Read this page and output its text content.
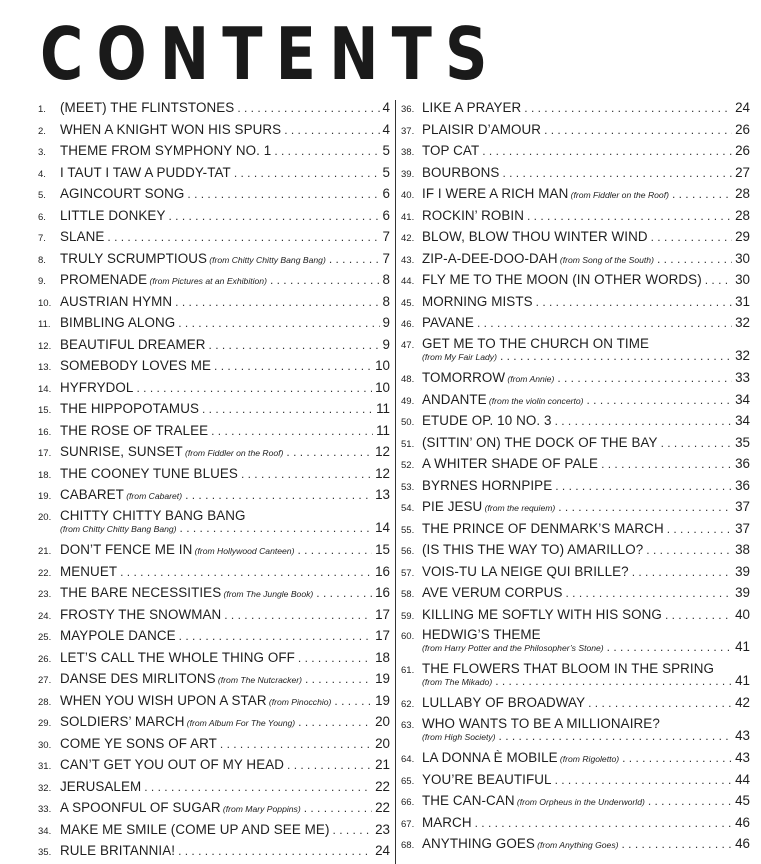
CONTENTS
1.	(MEET) THE FLINTSTONES . . .	4
2.	WHEN A KNIGHT WON HIS SPURS . . .	4
3.	THEME FROM SYMPHONY NO. 1 . . .	5
4.	I TAUT I TAW A PUDDY-TAT . . .	5
5.	AGINCOURT SONG . . .	6
6.	LITTLE DONKEY . . .	6
7.	SLANE . . .	7
8.	TRULY SCRUMPTIOUS
(from Chitty Chitty Bang Bang) . . .	7
9.	PROMENADE
(from Pictures at an Exhibition) . . .	8
10. AUSTRIAN HYMN . . .	8
11. BIMBLING ALONG . . .	9
12. BEAUTIFUL DREAMER . . .	9
13. SOMEBODY LOVES ME . . .	10
14. HYFRYDOL . . .	10
15. THE HIPPOPOTAMUS . . .	11
16. THE ROSE OF TRALEE . . .	11
17. SUNRISE, SUNSET
(from Fiddler on the Roof) . . .	12
18. THE COONEY TUNE BLUES . . .	12
19. CABARET
(from Cabaret) . . .	13
20. CHITTY CHITTY BANG BANG
(from Chitty Chitty Bang Bang) . . .	14
21. DON’T FENCE ME IN
(from Hollywood Canteen) . . .	15
22. MENUET . . .	16
23. THE BARE NECESSITIES
(from The Jungle Book) . . .	16
24. FROSTY THE SNOWMAN . . .	17
25. MAYPOLE DANCE . . .	17
26. LET’S CALL THE WHOLE THING OFF . . .	18
27. DANSE DES MIRLITONS
(from The Nutcracker) . . .	19
28. WHEN YOU WISH UPON A STAR
(from Pinocchio) . . .	19
29. SOLDIERS’ MARCH
(from Album For The Young) . . .	20
30. COME YE SONS OF ART . . .	20
31. CAN’T GET YOU OUT OF MY HEAD . . .	21
32. JERUSALEM . . .	22
33. A SPOONFUL OF SUGAR
(from Mary Poppins) . . .	22
34. MAKE ME SMILE (COME UP AND SEE ME) . . .	23
35. RULE BRITANNIA! . . .	24
36. LIKE A PRAYER . . .	24
37. PLAISIR D’AMOUR . . .	26
38. TOP CAT . . .	26
39. BOURBONS . . .	27
40. IF I WERE A RICH MAN
(from Fiddler on the Roof) . . .	28
41. ROCKIN’ ROBIN . . .	28
42. BLOW, BLOW THOU WINTER WIND . . .	29
43. ZIP-A-DEE-DOO-DAH
(from Song of the South) . . .	30
44. FLY ME TO THE MOON (IN OTHER WORDS) . . . 30
45. MORNING MISTS . . .	31
46. PAVANE . . .	32
47. GET ME TO THE CHURCH ON TIME
(from My Fair Lady) . . .	32
48. TOMORROW
(from Annie) . . .	33
49. ANDANTE
(from the violin concerto) . . .	34
50. ETUDE OP. 10 NO. 3 . . .	34
51. (SITTIN’ ON) THE DOCK OF THE BAY . . .	35
52. A WHITER SHADE OF PALE . . .	36
53. BYRNES HORNPIPE . . .	36
54. PIE JESU
(from the requiem) . . .	37
55. THE PRINCE OF DENMARK’S MARCH . . .	37
56. (IS THIS THE WAY TO) AMARILLO? . . .	38
57. VOIS-TU LA NEIGE QUI BRILLE? . . .	39
58. AVE VERUM CORPUS . . .	39
59. KILLING ME SOFTLY WITH HIS SONG . . .	40
60. HEDWIG’S THEME
(from Harry Potter and the Philosopher’s Stone) . . .	41
61. THE FLOWERS THAT BLOOM IN THE SPRING
(from The Mikado) . . .	41
62. LULLABY OF BROADWAY . . .	42
63. WHO WANTS TO BE A MILLIONAIRE?
(from High Society) . . .	43
64. LA DONNA È MOBILE
(from Rigoletto) . . .	43
65. YOU’RE BEAUTIFUL . . .	44
66. THE CAN-CAN
(from Orpheus in the Underworld) . . .	45
67. MARCH . . .	46
68. ANYTHING GOES
(from Anything Goes) . . .	46
